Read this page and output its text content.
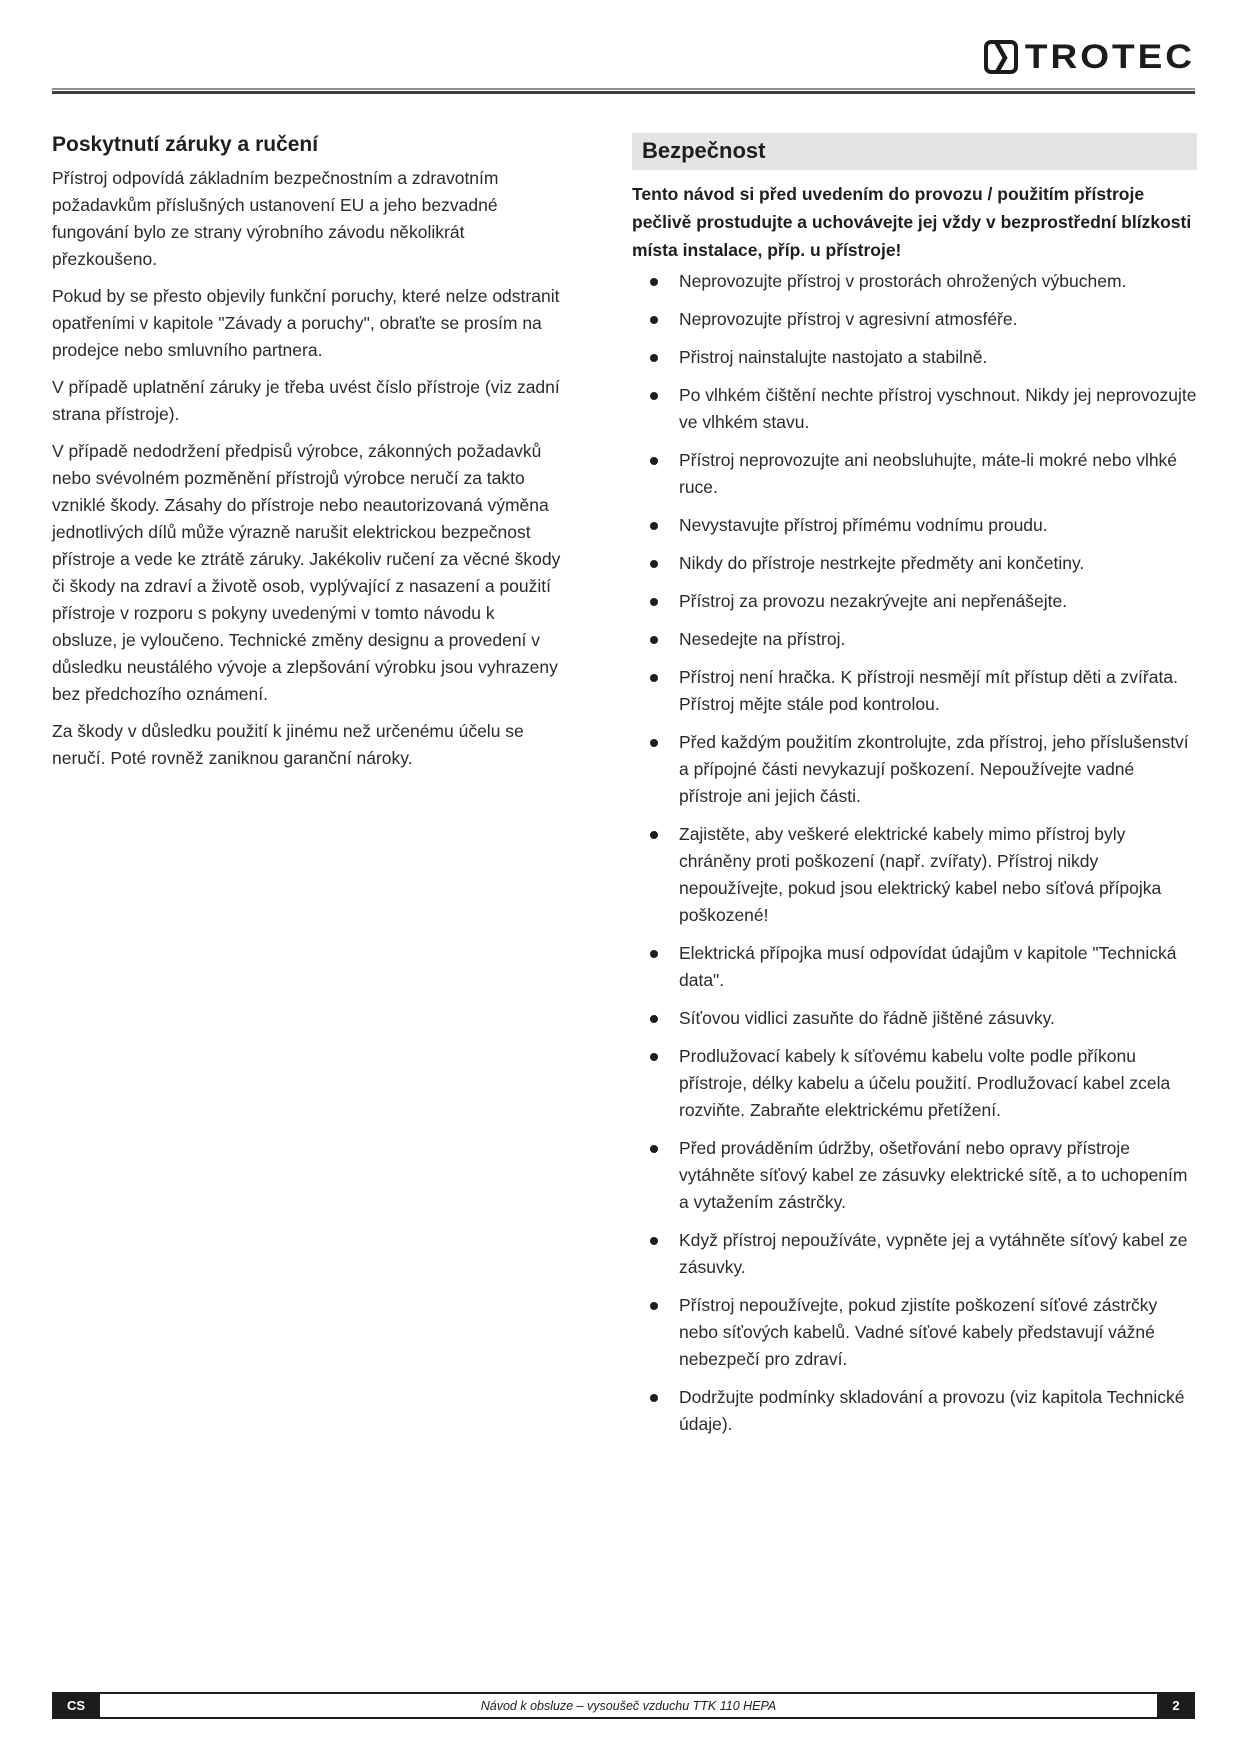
❯ TROTEC
Poskytnutí záruky a ručení

Přístroj odpovídá základním bezpečnostním a zdravotním požadavkům příslušných ustanovení EU a jeho bezvadné fungování bylo ze strany výrobního závodu několikrát přezkoušeno.

Pokud by se přesto objevily funkční poruchy, které nelze odstranit opatřeními v kapitole "Závady a poruchy", obraťte se prosím na prodejce nebo smluvního partnera.

V případě uplatnění záruky je třeba uvést číslo přístroje (viz zadní strana přístroje).

V případě nedodržení předpisů výrobce, zákonných požadavků nebo svévolném pozměnění přístrojů výrobce neručí za takto vzniklé škody. Zásahy do přístroje nebo neautorizovaná výměna jednotlivých dílů může výrazně narušit elektrickou bezpečnost přístroje a vede ke ztrátě záruky. Jakékoliv ručení za věcné škody či škody na zdraví a životě osob, vyplývající z nasazení a použití přístroje v rozporu s pokyny uvedenými v tomto návodu k obsluze, je vyloučeno. Technické změny designu a provedení v důsledku neustálého vývoje a zlepšování výrobku jsou vyhrazeny bez předchozího oznámení.

Za škody v důsledku použití k jinému než určenému účelu se neručí. Poté rovněž zaniknou garanční nároky.

Bezpečnost

Tento návod si před uvedením do provozu / použitím přístroje pečlivě prostudujte a uchovávejte jej vždy v bezprostřední blízkosti místa instalace, příp. u přístroje!

Neprovozujte přístroj v prostorách ohrožených výbuchem.
Neprovozujte přístroj v agresivní atmosféře.
Přistroj nainstalujte nastojato a stabilně.
Po vlhkém čištění nechte přístroj vyschnout. Nikdy jej neprovozujte ve vlhkém stavu.
Přístroj neprovozujte ani neobsluhujte, máte-li mokré nebo vlhké ruce.
Nevystavujte přístroj přímému vodnímu proudu.
Nikdy do přístroje nestrkejte předměty ani končetiny.
Přístroj za provozu nezakrývejte ani nepřenášejte.
Nesedejte na přístroj.
Přístroj není hračka. K přístroji nesmějí mít přístup děti a zvířata. Přístroj mějte stále pod kontrolou.
Před každým použitím zkontrolujte, zda přístroj, jeho příslušenství a přípojné části nevykazují poškození. Nepoužívejte vadné přístroje ani jejich části.
Zajistěte, aby veškeré elektrické kabely mimo přístroj byly chráněny proti poškození (např. zvířaty). Přístroj nikdy nepoužívejte, pokud jsou elektrický kabel nebo síťová přípojka poškozené!
Elektrická přípojka musí odpovídat údajům v kapitole "Technická data".
Síťovou vidlici zasuňte do řádně jištěné zásuvky.
Prodlužovací kabely k síťovému kabelu volte podle příkonu přístroje, délky kabelu a účelu použití. Prodlužovací kabel zcela rozviňte. Zabraňte elektrickému přetížení.
Před prováděním údržby, ošetřování nebo opravy přístroje vytáhněte síťový kabel ze zásuvky elektrické sítě, a to uchopením a vytažením zástrčky.
Když přístroj nepoužíváte, vypněte jej a vytáhněte síťový kabel ze zásuvky.
Přístroj nepoužívejte, pokud zjistíte poškození síťové zástrčky nebo síťových kabelů. Vadné síťové kabely představují vážné nebezpečí pro zdraví.
Dodržujte podmínky skladování a provozu (viz kapitola Technické údaje).
CS	Návod k obsluze – vysoušeč vzduchu TTK 110 HEPA	2
